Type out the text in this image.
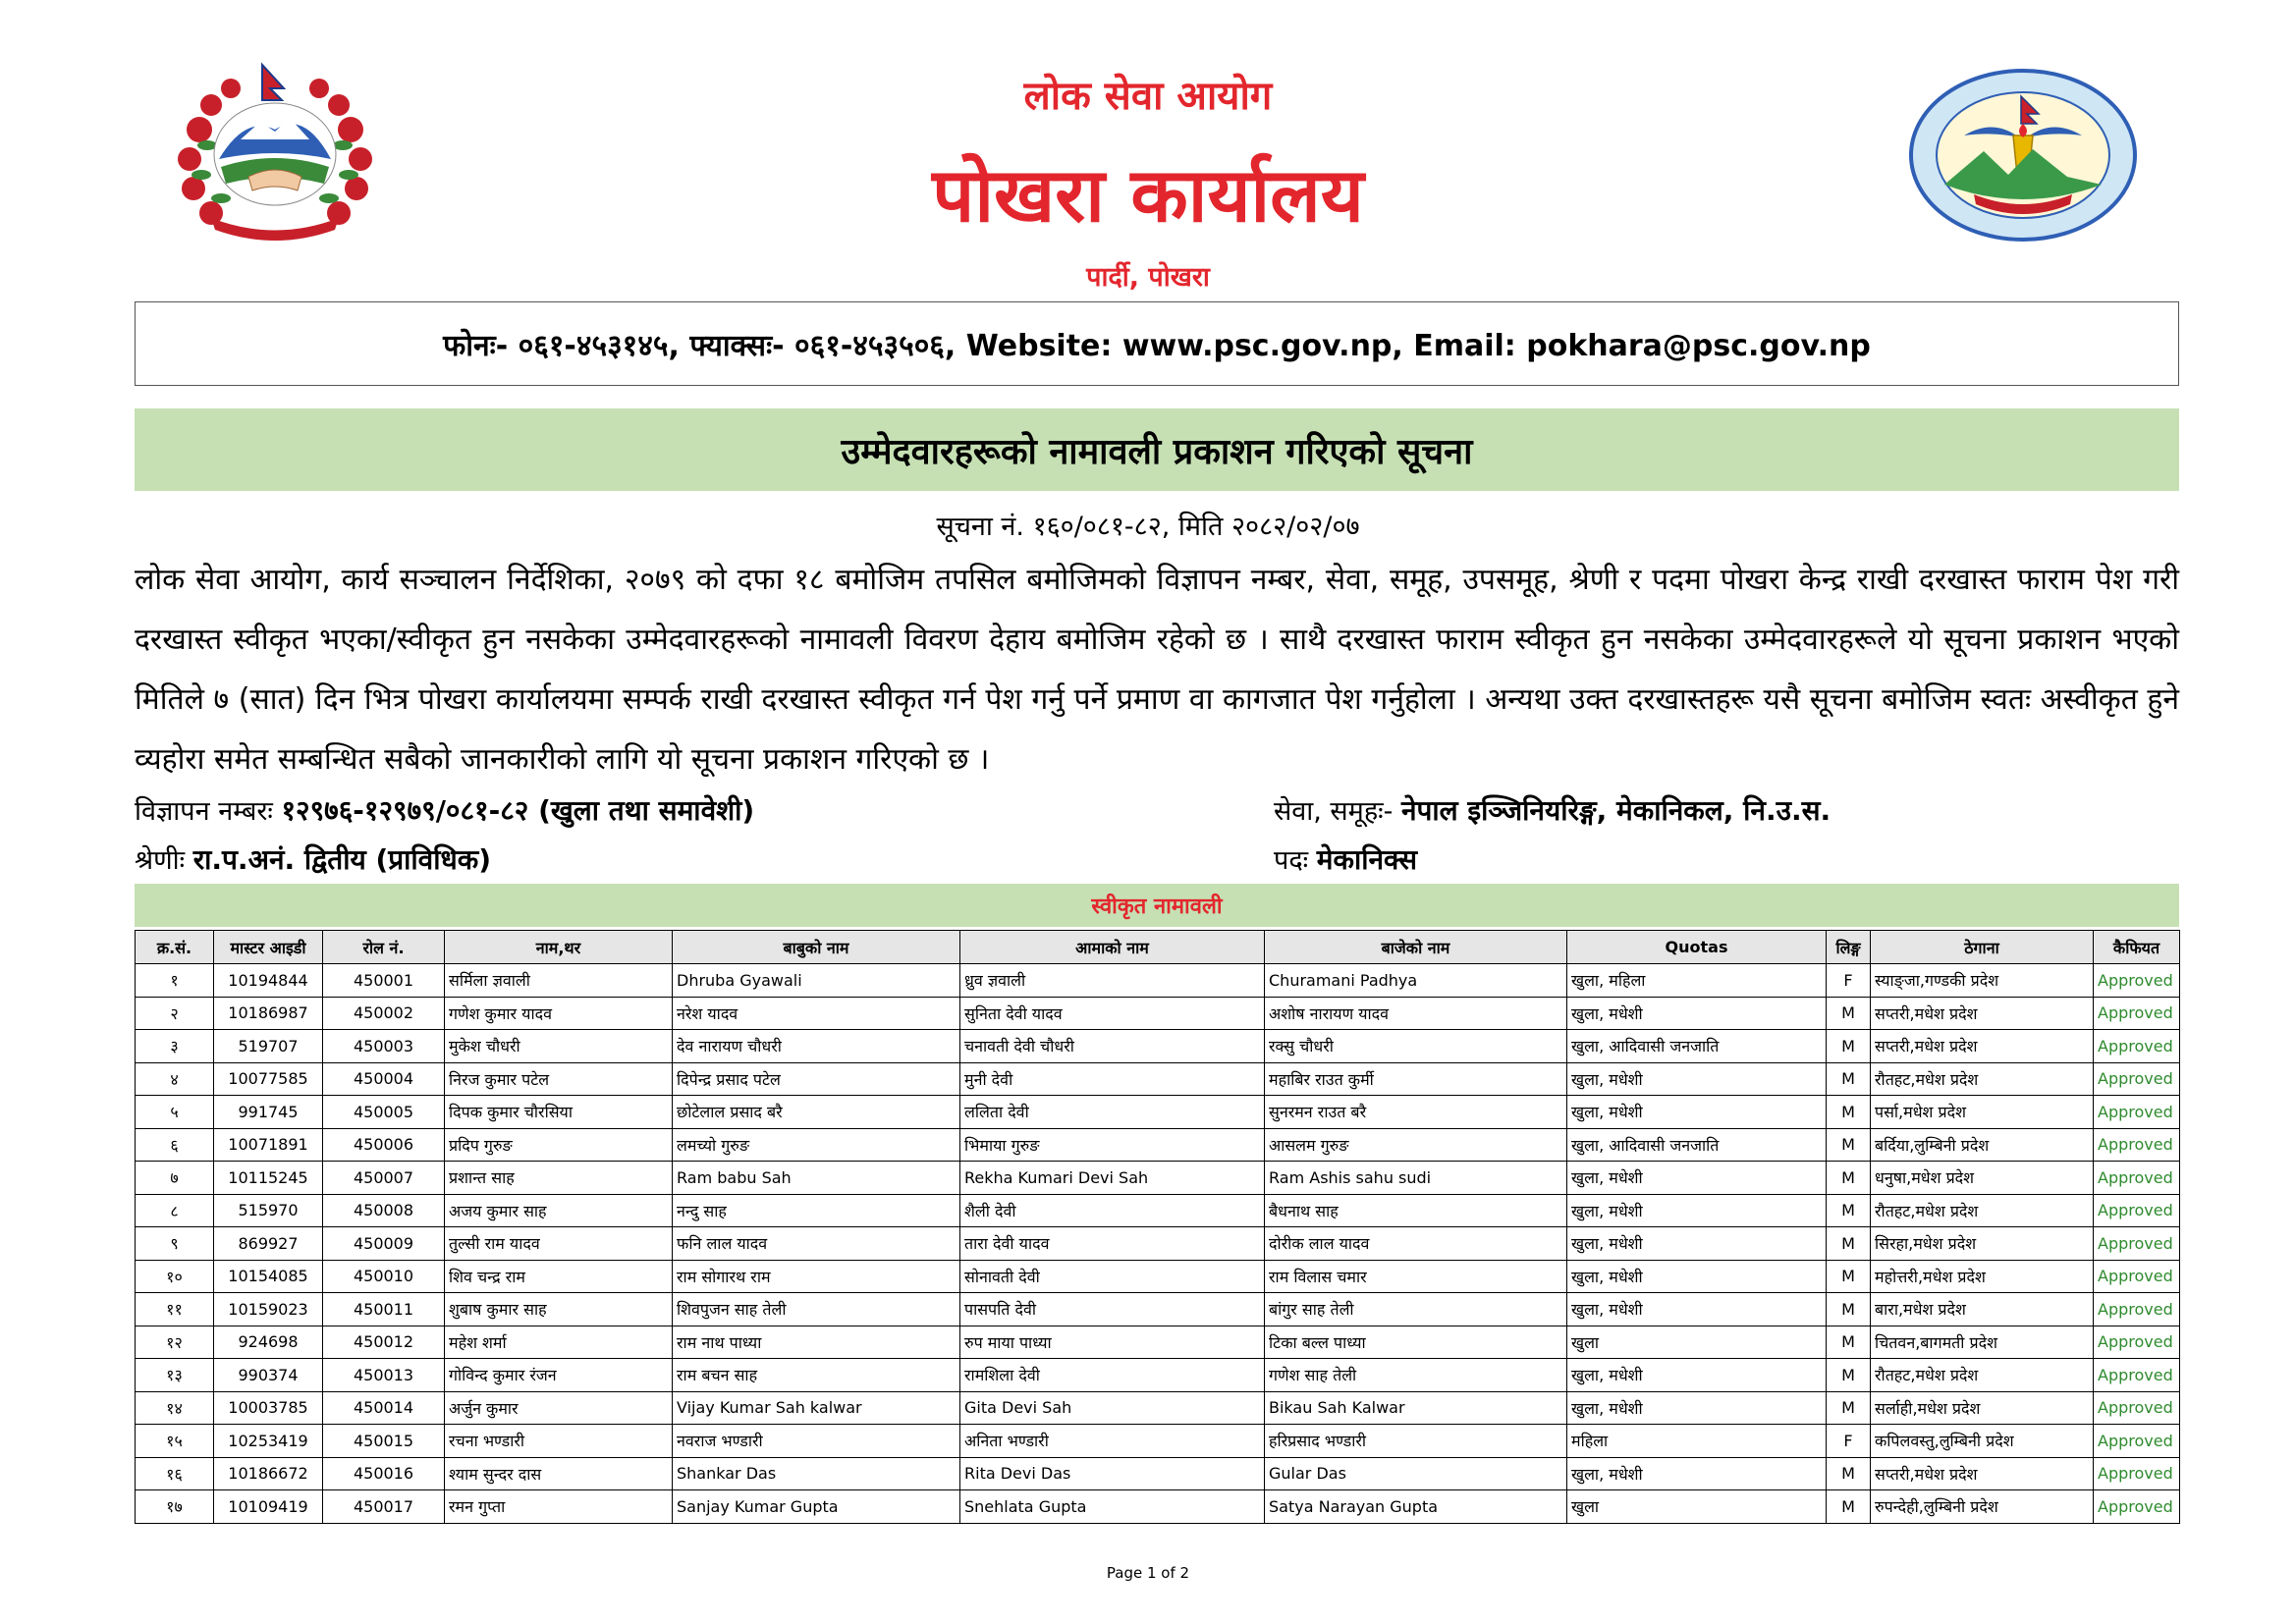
लोक सेवा आयोग
पोखरा कार्यालय
पार्दी, पोखरा
फोनः- ०६१-४५३१४५, फ्याक्सः- ०६१-४५३५०६, Website: www.psc.gov.np, Email: pokhara@psc.gov.np
उम्मेदवारहरूको नामावली प्रकाशन गरिएको सूचना
सूचना नं. १६०/०८१-८२, मिति २०८२/०२/०७
लोक सेवा आयोग, कार्य सञ्चालन निर्देशिका, २०७९ को दफा १८ बमोजिम तपसिल बमोजिमको विज्ञापन नम्बर, सेवा, समूह, उपसमूह, श्रेणी र पदमा पोखरा केन्द्र राखी दरखास्त फाराम पेश गरी दरखास्त स्वीकृत भएका/स्वीकृत हुन नसकेका उम्मेदवारहरूको नामावली विवरण देहाय बमोजिम रहेको छ । साथै दरखास्त फाराम स्वीकृत हुन नसकेका उम्मेदवारहरूले यो सूचना प्रकाशन भएको मितिले ७ (सात) दिन भित्र पोखरा कार्यालयमा सम्पर्क राखी दरखास्त स्वीकृत गर्न पेश गर्नु पर्ने प्रमाण वा कागजात पेश गर्नुहोला । अन्यथा उक्त दरखास्तहरू यसै सूचना बमोजिम स्वतः अस्वीकृत हुने व्यहोरा समेत सम्बन्धित सबैको जानकारीको लागि यो सूचना प्रकाशन गरिएको छ ।
विज्ञापन नम्बरः १२९७६-१२९७९/०८१-८२ (खुला तथा समावेशी)	सेवा, समूहः- नेपाल इञ्जिनियरिङ्ग, मेकानिकल, नि.उ.स.
श्रेणीः रा.प.अनं. द्वितीय (प्राविधिक)	पदः मेकानिक्स
स्वीकृत नामावली
क्र.सं.	मास्टर आइडी	रोल नं.	नाम,थर	बाबुको नाम	आमाको नाम	बाजेको नाम	Quotas	लिङ्ग	ठेगाना	कैफियत
१	10194844	450001	सर्मिला ज्ञवाली	Dhruba Gyawali	ध्रुव ज्ञवाली	Churamani Padhya	खुला, महिला	F	स्याङ्जा,गण्डकी प्रदेश	Approved
२	10186987	450002	गणेश कुमार यादव	नरेश यादव	सुनिता देवी यादव	अशोष नारायण यादव	खुला, मधेशी	M	सप्तरी,मधेश प्रदेश	Approved
३	519707	450003	मुकेश चौधरी	देव नारायण चौधरी	चनावती देवी चौधरी	रक्सु चौधरी	खुला, आदिवासी जनजाति	M	सप्तरी,मधेश प्रदेश	Approved
४	10077585	450004	निरज कुमार पटेल	दिपेन्द्र प्रसाद पटेल	मुनी देवी	महाबिर राउत कुर्मी	खुला, मधेशी	M	रौतहट,मधेश प्रदेश	Approved
५	991745	450005	दिपक कुमार चौरसिया	छोटेलाल प्रसाद बरै	ललिता देवी	सुनरमन राउत बरै	खुला, मधेशी	M	पर्सा,मधेश प्रदेश	Approved
६	10071891	450006	प्रदिप गुरुङ	लमच्यो गुरुङ	भिमाया गुरुङ	आसलम गुरुङ	खुला, आदिवासी जनजाति	M	बर्दिया,लुम्बिनी प्रदेश	Approved
७	10115245	450007	प्रशान्त साह	Ram babu Sah	Rekha Kumari Devi Sah	Ram Ashis sahu sudi	खुला, मधेशी	M	धनुषा,मधेश प्रदेश	Approved
८	515970	450008	अजय कुमार साह	नन्दु साह	शैली देवी	बैधनाथ साह	खुला, मधेशी	M	रौतहट,मधेश प्रदेश	Approved
९	869927	450009	तुल्सी राम यादव	फनि लाल यादव	तारा देवी यादव	दोरीक लाल यादव	खुला, मधेशी	M	सिरहा,मधेश प्रदेश	Approved
१०	10154085	450010	शिव चन्द्र राम	राम सोगारथ राम	सोनावती देवी	राम विलास चमार	खुला, मधेशी	M	महोत्तरी,मधेश प्रदेश	Approved
११	10159023	450011	शुबाष कुमार साह	शिवपुजन साह तेली	पासपति देवी	बांगुर साह तेली	खुला, मधेशी	M	बारा,मधेश प्रदेश	Approved
१२	924698	450012	महेश शर्मा	राम नाथ पाध्या	रुप माया पाध्या	टिका बल्ल पाध्या	खुला	M	चितवन,बागमती प्रदेश	Approved
१३	990374	450013	गोविन्द कुमार रंजन	राम बचन साह	रामशिला देवी	गणेश साह तेली	खुला, मधेशी	M	रौतहट,मधेश प्रदेश	Approved
१४	10003785	450014	अर्जुन कुमार	Vijay Kumar Sah kalwar	Gita Devi Sah	Bikau Sah Kalwar	खुला, मधेशी	M	सर्लाही,मधेश प्रदेश	Approved
१५	10253419	450015	रचना भण्डारी	नवराज भण्डारी	अनिता भण्डारी	हरिप्रसाद भण्डारी	महिला	F	कपिलवस्तु,लुम्बिनी प्रदेश	Approved
१६	10186672	450016	श्याम सुन्दर दास	Shankar Das	Rita Devi Das	Gular Das	खुला, मधेशी	M	सप्तरी,मधेश प्रदेश	Approved
१७	10109419	450017	रमन गुप्ता	Sanjay Kumar Gupta	Snehlata Gupta	Satya Narayan Gupta	खुला	M	रुपन्देही,लुम्बिनी प्रदेश	Approved
Page 1 of 2
